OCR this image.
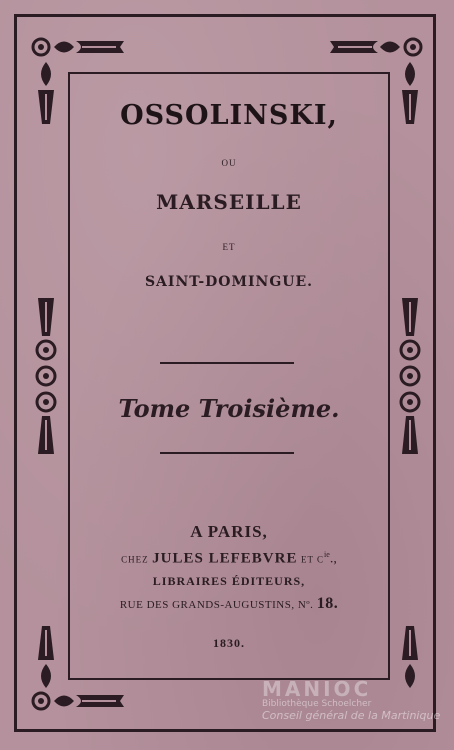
OSSOLINSKI,
OU
MARSEILLE
ET
SAINT-DOMINGUE.
Tome Troisième.
A PARIS,
CHEZ JULES LEFEBVRE ET $C^{ie}$.,
LIBRAIRES ÉDITEURS,
RUE DES GRANDS-AUGUSTINS, Nº. 18.
1830.
MANIOC
Bibliothèque Schoelcher
Conseil général de la Martinique
